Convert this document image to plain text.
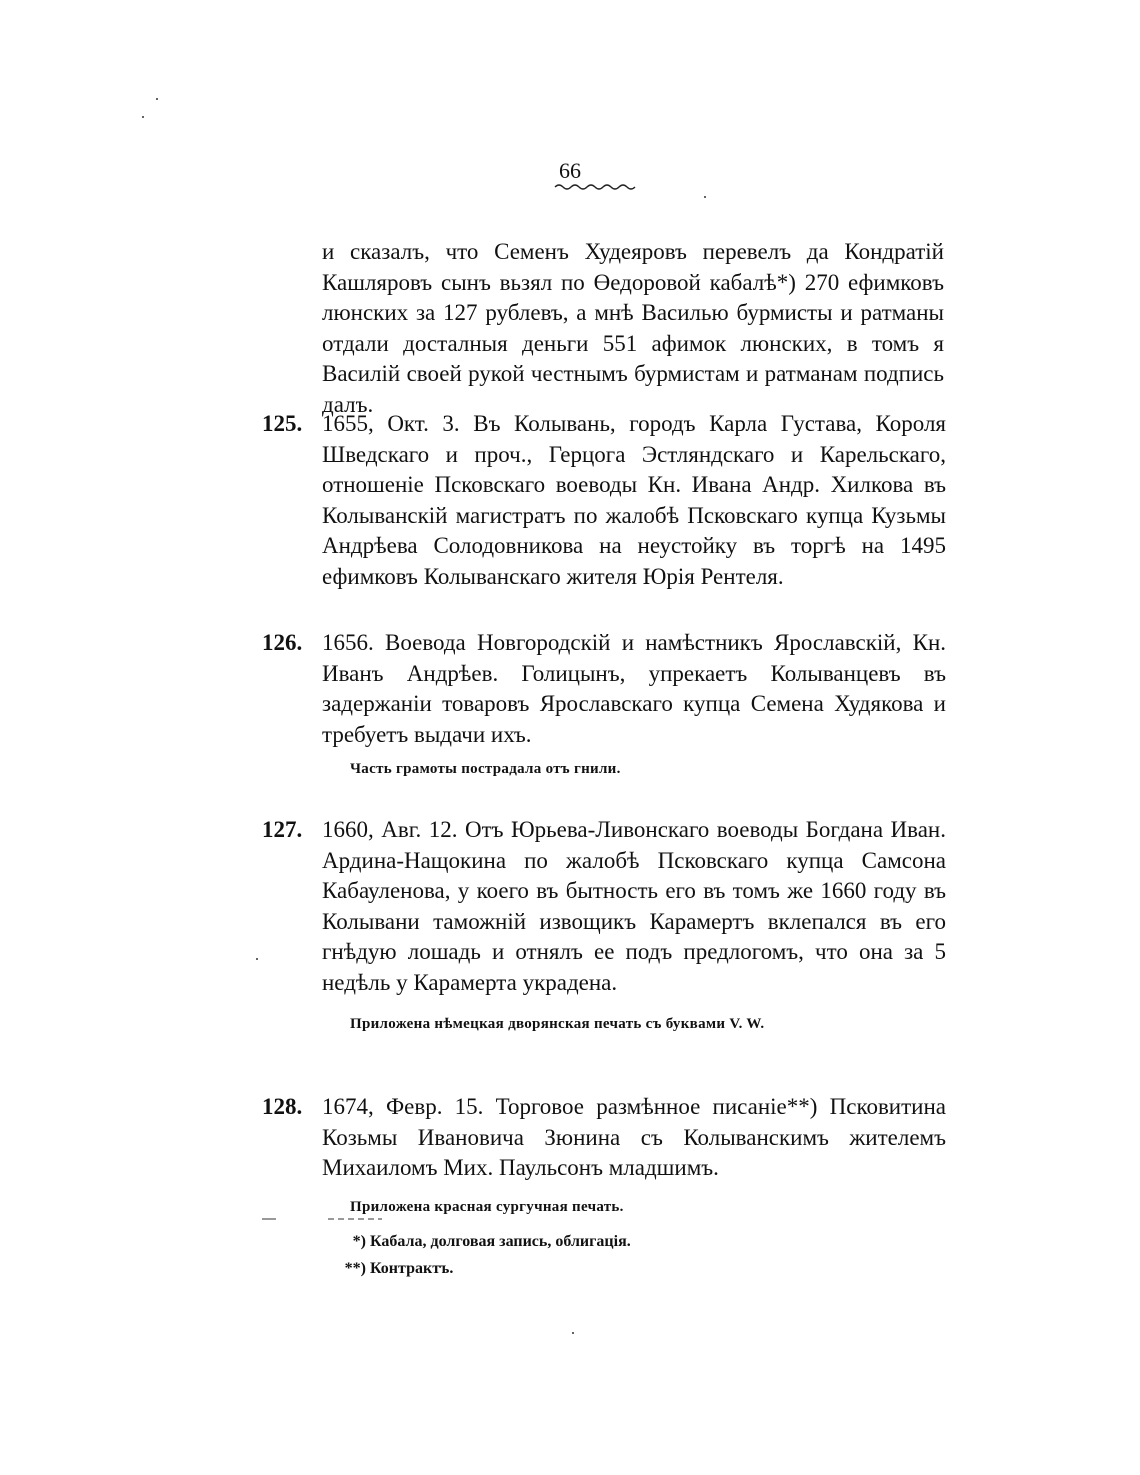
66

и сказалъ, что Семенъ Худеяровъ перевелъ да Кондратій Кашляровъ сынъ вьзял по Өедоровой кабалѣ*) 270 ефимковъ люнских за 127 рублевъ, а мнѣ Василью бурмисты и ратманы отдали досталныя деньги 551 афимок люнских, в томъ я Василій своей рукой честнымъ бурмистам и ратманам подпись далъ.

125. 1655, Окт. 3. Въ Колывань, городъ Карла Густава, Короля Шведскаго и проч., Герцога Эстляндскаго и Карельскаго, отношеніе Псковскаго воеводы Кн. Ивана Андр. Хилкова въ Колыванскій магистратъ по жалобѣ Псковскаго купца Кузьмы Андрѣева Солодовникова на неустойку въ торгѣ на 1495 ефимковъ Колыванскаго жителя Юрія Рентеля.
126. 1656. Воевода Новгородскій и намѣстникъ Ярославскій, Кн. Иванъ Андрѣев. Голицынъ, упрекаетъ Колыванцевъ въ задержаніи товаровъ Ярославскаго купца Семена Худякова и требуетъ выдачи ихъ.
Часть грамоты пострадала отъ гнили.
127. 1660, Авг. 12. Отъ Юрьева-Ливонскаго воеводы Богдана Иван. Ардина-Нащокина по жалобѣ Псковскаго купца Самсона Кабауленова, у коего въ бытность его въ томъ же 1660 году въ Колывани таможній извощикъ Карамертъ вклепался въ его гнѣдую лошадь и отнялъ ее подъ предлогомъ, что она за 5 недѣль у Карамерта украдена.
Приложена нѣмецкая дворянская печать съ буквами V. W.
128. 1674, Февр. 15. Торговое размѣнное писаніе**) Псковитина Козьмы Ивановича Зюнина съ Колыванскимъ жителемъ Михаиломъ Мих. Паульсонъ младшимъ.
Приложена красная сургучная печать.
*) Кабала, долговая запись, облигація.
**) Контрактъ.
